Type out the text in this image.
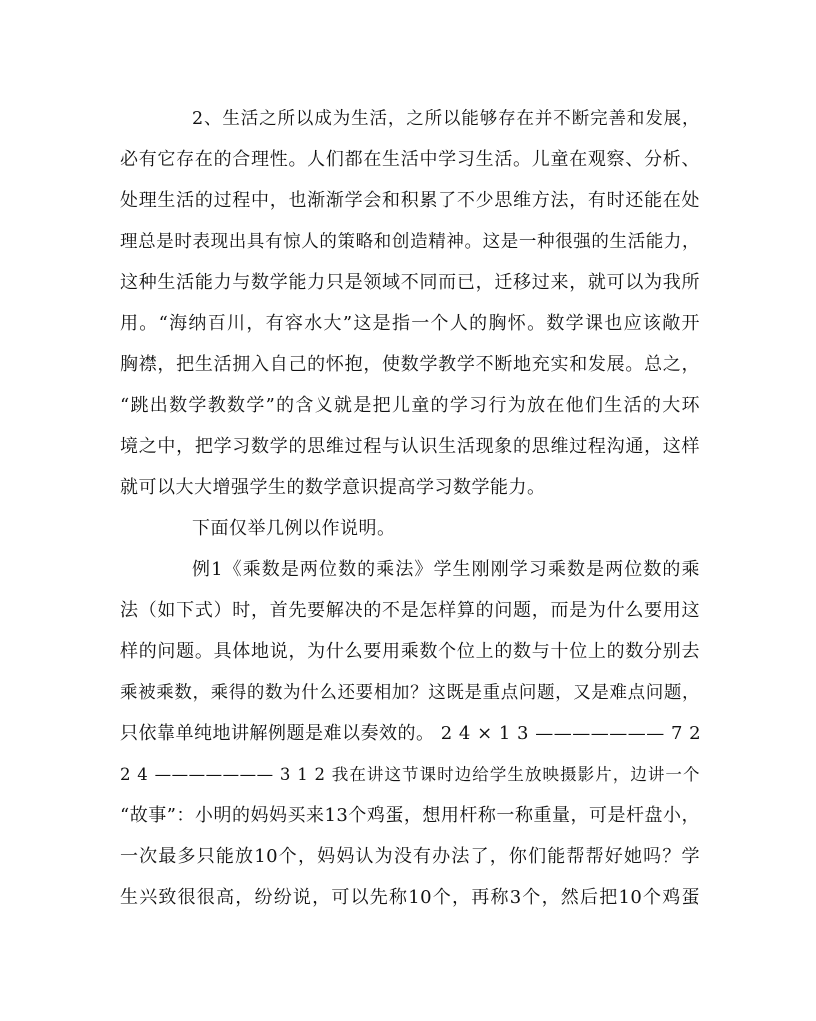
2、生活之所以成为生活，之所以能够存在并不断完善和发展，
必有它存在的合理性。人们都在生活中学习生活。儿童在观察、分析、
处理生活的过程中，也渐渐学会和积累了不少思维方法，有时还能在处
理总是时表现出具有惊人的策略和创造精神。这是一种很强的生活能力，
这种生活能力与数学能力只是领域不同而已，迁移过来，就可以为我所
用。“海纳百川，有容水大”这是指一个人的胸怀。数学课也应该敞开
胸襟，把生活拥入自己的怀抱，使数学教学不断地充实和发展。总之，
“跳出数学教数学”的含义就是把儿童的学习行为放在他们生活的大环
境之中，把学习数学的思维过程与认识生活现象的思维过程沟通，这样
就可以大大增强学生的数学意识提高学习数学能力。
下面仅举几例以作说明。
例1《乘数是两位数的乘法》学生刚刚学习乘数是两位数的乘
法（如下式）时，首先要解决的不是怎样算的问题，而是为什么要用这
样的问题。具体地说，为什么要用乘数个位上的数与十位上的数分别去
乘被乘数，乘得的数为什么还要相加？这既是重点问题，又是难点问题，
只依靠单纯地讲解例题是难以奏效的。 2 4 × 1 3 ——————— 7 2
2 4 ——————— 3 1 2 我在讲这节课时边给学生放映摄影片，边讲一个
“故事”：小明的妈妈买来13个鸡蛋，想用杆称一称重量，可是杆盘小，
一次最多只能放10个，妈妈认为没有办法了，你们能帮帮好她吗？学
生兴致很很高，纷纷说，可以先称10个，再称3个，然后把10个鸡蛋
